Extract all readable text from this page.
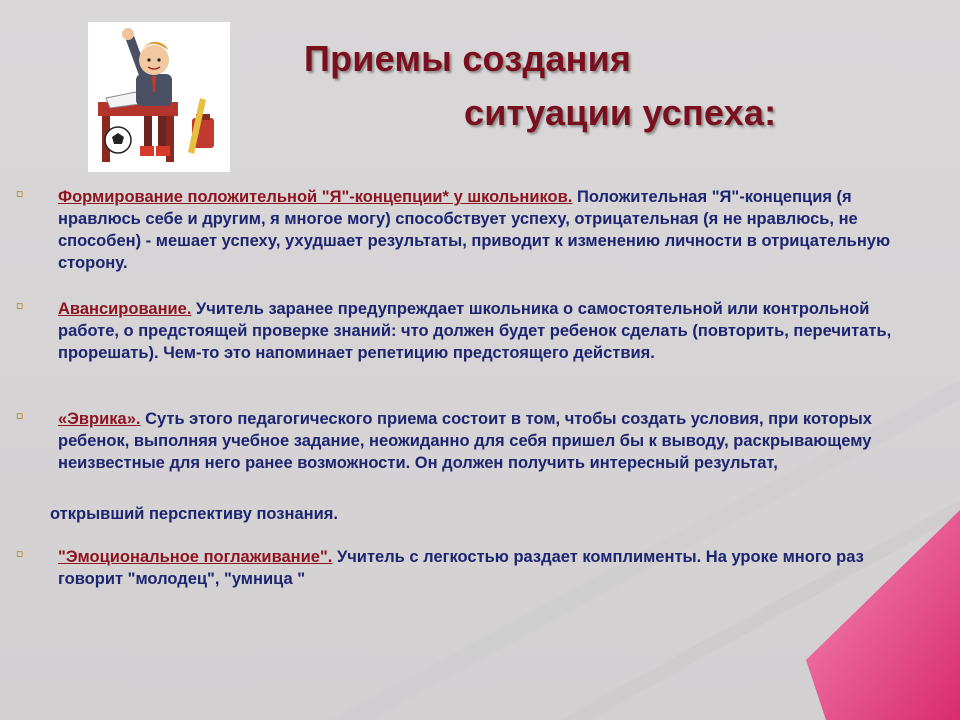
Приемы создания
ситуации успеха:
⸋ Формирование положительной "Я"-концепции* у школьников. Положительная "Я"-концепция (я нравлюсь себе и другим, я многое могу) способствует успеху, отрицательная (я не нравлюсь, не способен) - мешает успеху, ухудшает результаты, приводит к изменению личности в отрицательную сторону.
⸋ Авансирование. Учитель заранее предупреждает школьника о самостоятельной или контрольной работе, о предстоящей проверке знаний: что должен будет ребенок сделать (повторить, перечитать, прорешать). Чем-то это напоминает репетицию предстоящего действия.
⸋ «Эврика». Суть этого педагогического приема состоит в том, чтобы создать условия, при которых ребенок, выполняя учебное задание, неожиданно для себя пришел бы к выводу, раскрывающему неизвестные для него ранее возможности. Он должен получить интересный результат,
открывший перспективу познания.
⸋ "Эмоциональное поглаживание". Учитель с легкостью раздает комплименты. На уроке много раз говорит "молодец", "умница "
